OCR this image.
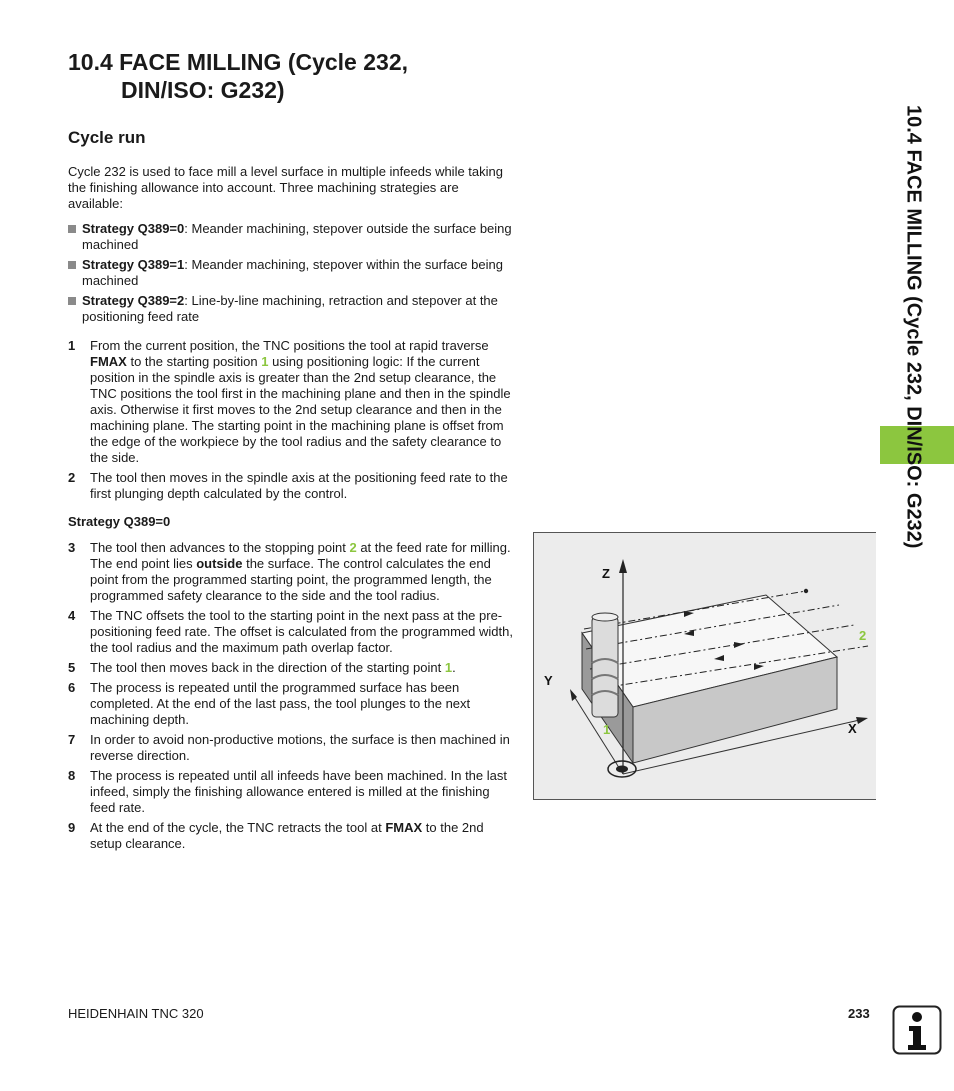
10.4 FACE MILLING (Cycle 232,
DIN/ISO: G232)
Cycle run

Cycle 232 is used to face mill a level surface in multiple infeeds while taking the finishing allowance into account. Three machining strategies are available:

Strategy Q389=0: Meander machining, stepover outside the surface being machined
Strategy Q389=1: Meander machining, stepover within the surface being machined
Strategy Q389=2: Line-by-line machining, retraction and stepover at the positioning feed rate
1 From the current position, the TNC positions the tool at rapid traverse FMAX to the starting position 1 using positioning logic: If the current position in the spindle axis is greater than the 2nd setup clearance, the TNC positions the tool first in the machining plane and then in the spindle axis. Otherwise it first moves to the 2nd setup clearance and then in the machining plane. The starting point in the machining plane is offset from the edge of the workpiece by the tool radius and the safety clearance to the side.
2 The tool then moves in the spindle axis at the positioning feed rate to the first plunging depth calculated by the control.
Strategy Q389=0
3 The tool then advances to the stopping point 2 at the feed rate for milling. The end point lies outside the surface. The control calculates the end point from the programmed starting point, the programmed length, the programmed safety clearance to the side and the tool radius.
4 The TNC offsets the tool to the starting point in the next pass at the pre-positioning feed rate. The offset is calculated from the programmed width, the tool radius and the maximum path overlap factor.
5 The tool then moves back in the direction of the starting point 1.
6 The process is repeated until the programmed surface has been completed. At the end of the last pass, the tool plunges to the next machining depth.
7 In order to avoid non-productive motions, the surface is then machined in reverse direction.
8 The process is repeated until all infeeds have been machined. In the last infeed, simply the finishing allowance entered is milled at the finishing feed rate.
9 At the end of the cycle, the TNC retracts the tool at FMAX to the 2nd setup clearance.
Z
Y
X
1
2
10.4 FACE MILLING (Cycle 232, DIN/ISO: G232)
HEIDENHAIN TNC 320	233
